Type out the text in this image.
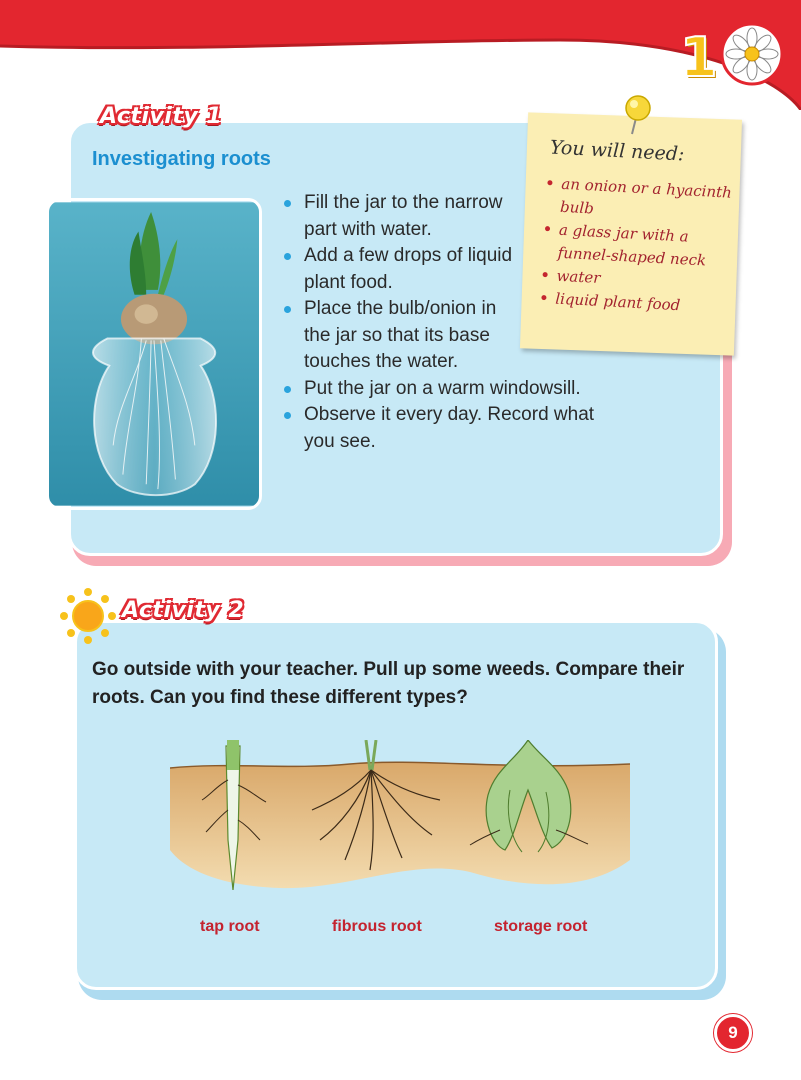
1
Activity 1
Investigating roots
Fill the jar to the narrow part with water.
Add a few drops of liquid plant food.
Place the bulb/onion in the jar so that its base touches the water.
Put the jar on a warm windowsill.
Observe it every day. Record what you see.
You will need:
an onion or a hyacinth bulb
a glass jar with a funnel-shaped neck
water
liquid plant food
Activity 2
Go outside with your teacher. Pull up some weeds. Compare their roots. Can you find these different types?
tap root	fibrous root	storage root
9
